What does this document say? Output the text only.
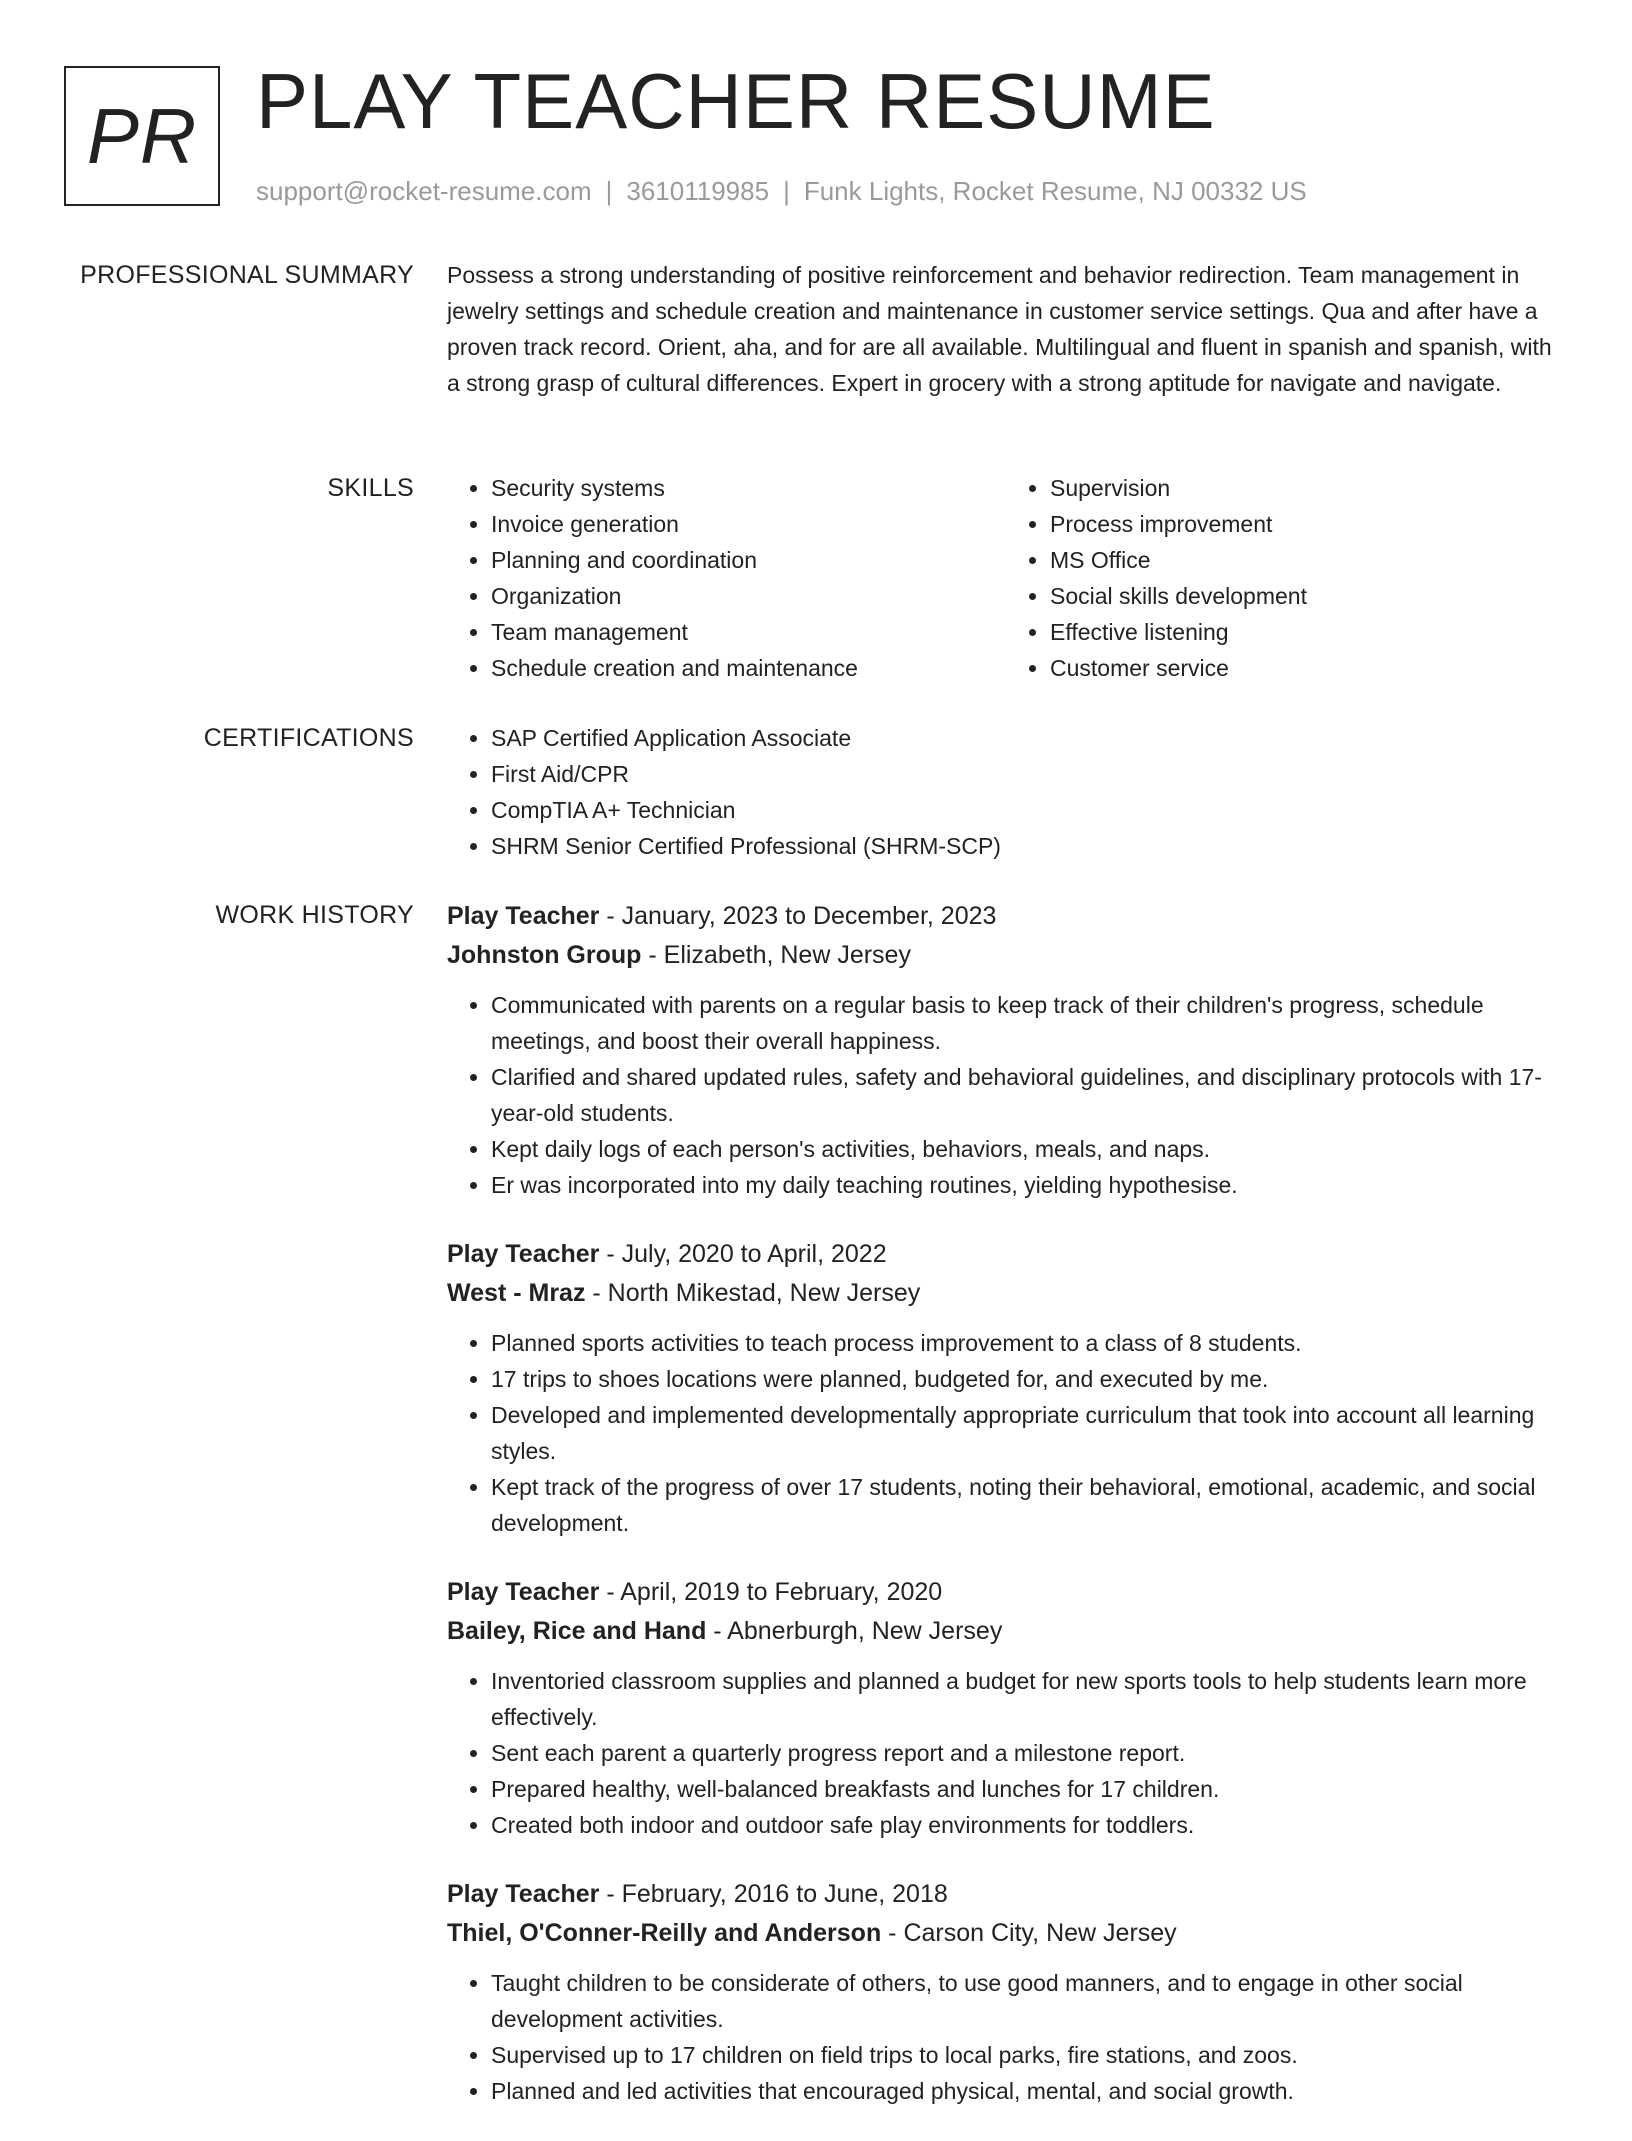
PR PLAY TEACHER RESUME
support@rocket-resume.com | 3610119985 | Funk Lights, Rocket Resume, NJ 00332 US
PROFESSIONAL SUMMARY Possess a strong understanding of positive reinforcement and behavior redirection. Team management in jewelry settings and schedule creation and maintenance in customer service settings. Qua and after have a proven track record. Orient, aha, and for are all available. Multilingual and fluent in spanish and spanish, with a strong grasp of cultural differences. Expert in grocery with a strong aptitude for navigate and navigate.

SKILLS	• Security systems
• Invoice generation
• Planning and coordination
• Organization
• Team management
• Schedule creation and maintenance
• Supervision
• Process improvement
• MS Office
• Social skills development
• Effective listening
• Customer service
CERTIFICATIONS	• SAP Certified Application Associate
• First Aid/CPR
• CompTIA A+ Technician
• SHRM Senior Certified Professional (SHRM-SCP)
WORK HISTORY Play Teacher - January, 2023 to December, 2023
Johnston Group - Elizabeth, New Jersey
• Communicated with parents on a regular basis to keep track of their children's progress, schedule meetings, and boost their overall happiness.
• Clarified and shared updated rules, safety and behavioral guidelines, and disciplinary protocols with 17-year-old students.
• Kept daily logs of each person's activities, behaviors, meals, and naps.
• Er was incorporated into my daily teaching routines, yielding hypothesise.
Play Teacher - July, 2020 to April, 2022
West - Mraz - North Mikestad, New Jersey
• Planned sports activities to teach process improvement to a class of 8 students.
• 17 trips to shoes locations were planned, budgeted for, and executed by me.
• Developed and implemented developmentally appropriate curriculum that took into account all learning styles.
• Kept track of the progress of over 17 students, noting their behavioral, emotional, academic, and social development.
Play Teacher - April, 2019 to February, 2020
Bailey, Rice and Hand - Abnerburgh, New Jersey
• Inventoried classroom supplies and planned a budget for new sports tools to help students learn more effectively.
• Sent each parent a quarterly progress report and a milestone report.
• Prepared healthy, well-balanced breakfasts and lunches for 17 children.
• Created both indoor and outdoor safe play environments for toddlers.
Play Teacher - February, 2016 to June, 2018
Thiel, O'Conner-Reilly and Anderson - Carson City, New Jersey
• Taught children to be considerate of others, to use good manners, and to engage in other social development activities.
• Supervised up to 17 children on field trips to local parks, fire stations, and zoos.
• Planned and led activities that encouraged physical, mental, and social growth.
